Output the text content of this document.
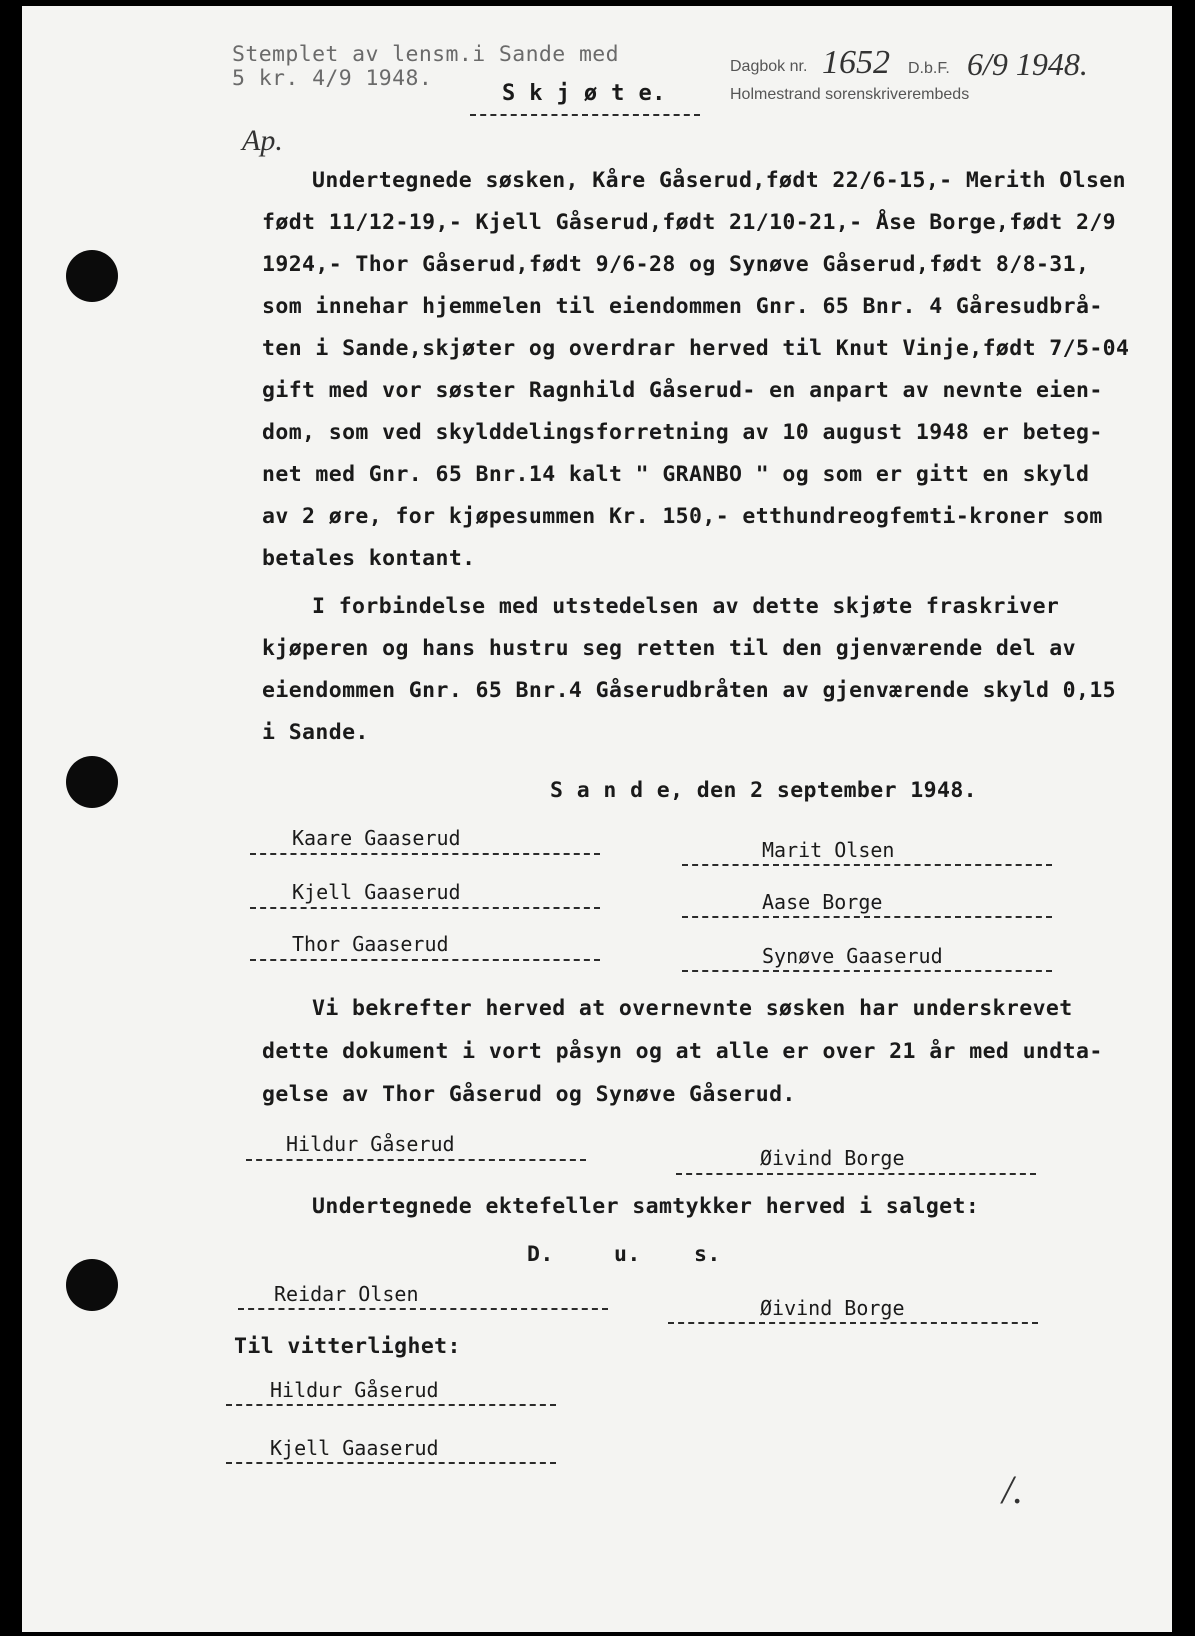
Stemplet av lensm.i Sande med
5 kr. 4/9 1948.
S k j ø t e.
Dagbok nr. 1652 D.b.F. 6/9 1948.
Holmestrand sorenskriverembeds
Ap.
Undertegnede søsken, Kåre Gåserud,født 22/6-15,- Merith Olsen
født 11/12-19,- Kjell Gåserud,født 21/10-21,- Åse Borge,født 2/9
1924,- Thor Gåserud,født 9/6-28 og Synøve Gåserud,født 8/8-31,
som innehar hjemmelen til eiendommen Gnr. 65 Bnr. 4 Gåresudbrå-
ten i Sande,skjøter og overdrar herved til Knut Vinje,født 7/5-04
gift med vor søster Ragnhild Gåserud- en anpart av nevnte eien-
dom, som ved skylddelingsforretning av 10 august 1948 er beteg-
net med Gnr. 65 Bnr.14 kalt " GRANBO " og som er gitt en skyld
av 2 øre, for kjøpesummen Kr. 150,- etthundreogfemti-kroner som
betales kontant.
I forbindelse med utstedelsen av dette skjøte fraskriver
kjøperen og hans hustru seg retten til den gjenværende del av
eiendommen Gnr. 65 Bnr.4 Gåserudbråten av gjenværende skyld 0,15
i Sande.
S a n d e, den 2 september 1948.
Kaare Gaaserud	Marit Olsen
Kjell Gaaserud	Aase Borge
Thor Gaaserud	Synøve Gaaserud
Vi bekrefter herved at overnevnte søsken har underskrevet
dette dokument i vort påsyn og at alle er over 21 år med undta-
gelse av Thor Gåserud og Synøve Gåserud.
Hildur Gåserud
Øivind Borge
Undertegnede ektefeller samtykker herved i salget:
D.	u. s.
Reidar Olsen
Øivind Borge
Til vitterlighet:
Hildur Gåserud
Kjell Gaaserud
/.
